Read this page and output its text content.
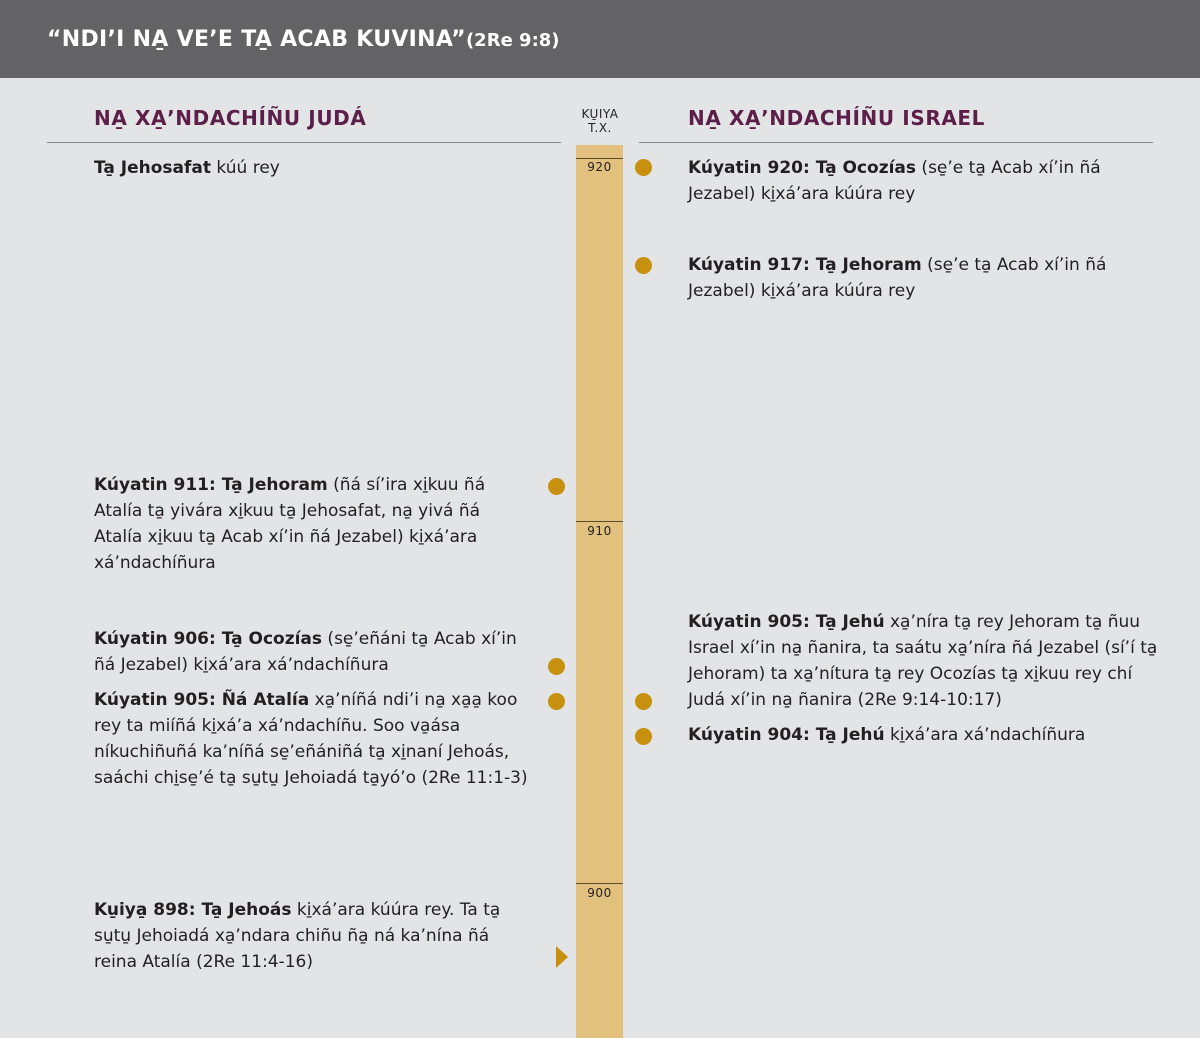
“NDI’I NA̱ VE’E TA̱ ACAB KUVINA”(2Re 9:8)
NA̱ XA̱’NDACHÍÑU JUDÁ	NA̱ XA̱’NDACHÍÑU ISRAEL
KU̱IYA
T.X.
920
910
900
Ta̱ Jehosafat kúú rey
Kúyatin 911: Ta̱ Jehoram (ñá sí’ira xi̱kuu ñá Atalía ta̱ yivára xi̱kuu ta̱ Jehosafat, na̱ yivá ñá Atalía xi̱kuu ta̱ Acab xí’in ñá Jezabel) ki̱xá’ara xá’ndachíñura
Kúyatin 906: Ta̱ Ocozías (se̱’eñáni ta̱ Acab xí’in ñá Jezabel) ki̱xá’ara xá’ndachíñura
Kúyatin 905: Ñá Atalía xa̱’níñá ndi’i na̱ xa̱a̱ koo rey ta miíñá ki̱xá’a xá’ndachíñu. Soo va̱ása níkuchiñuñá ka’níñá se̱’eñániñá ta̱ xi̱naní Jehoás, saáchi chi̱se̱’é ta̱ su̱tu̱ Jehoiadá ta̱yó’o (2Re 11:1-3)
Ku̱iya̱ 898: Ta̱ Jehoás ki̱xá’ara kúúra rey. Ta ta̱ su̱tu̱ Jehoiadá xa̱’ndara chiñu ña̱ ná ka’nína ñá reina Atalía (2Re 11:4-16)
Kúyatin 920: Ta̱ Ocozías (se̱’e ta̱ Acab xí’in ñá Jezabel) ki̱xá’ara kúúra rey
Kúyatin 917: Ta̱ Jehoram (se̱’e ta̱ Acab xí’in ñá Jezabel) ki̱xá’ara kúúra rey
Kúyatin 905: Ta̱ Jehú xa̱’níra ta̱ rey Jehoram ta̱ ñuu Israel xí’in na̱ ñanira, ta saátu xa̱’níra ñá Jezabel (sí’í ta̱ Jehoram) ta xa̱’nítura ta̱ rey Ocozías ta̱ xi̱kuu rey chí Judá xí’in na̱ ñanira (2Re 9:14-10:17)
Kúyatin 904: Ta̱ Jehú ki̱xá’ara xá’ndachíñura
